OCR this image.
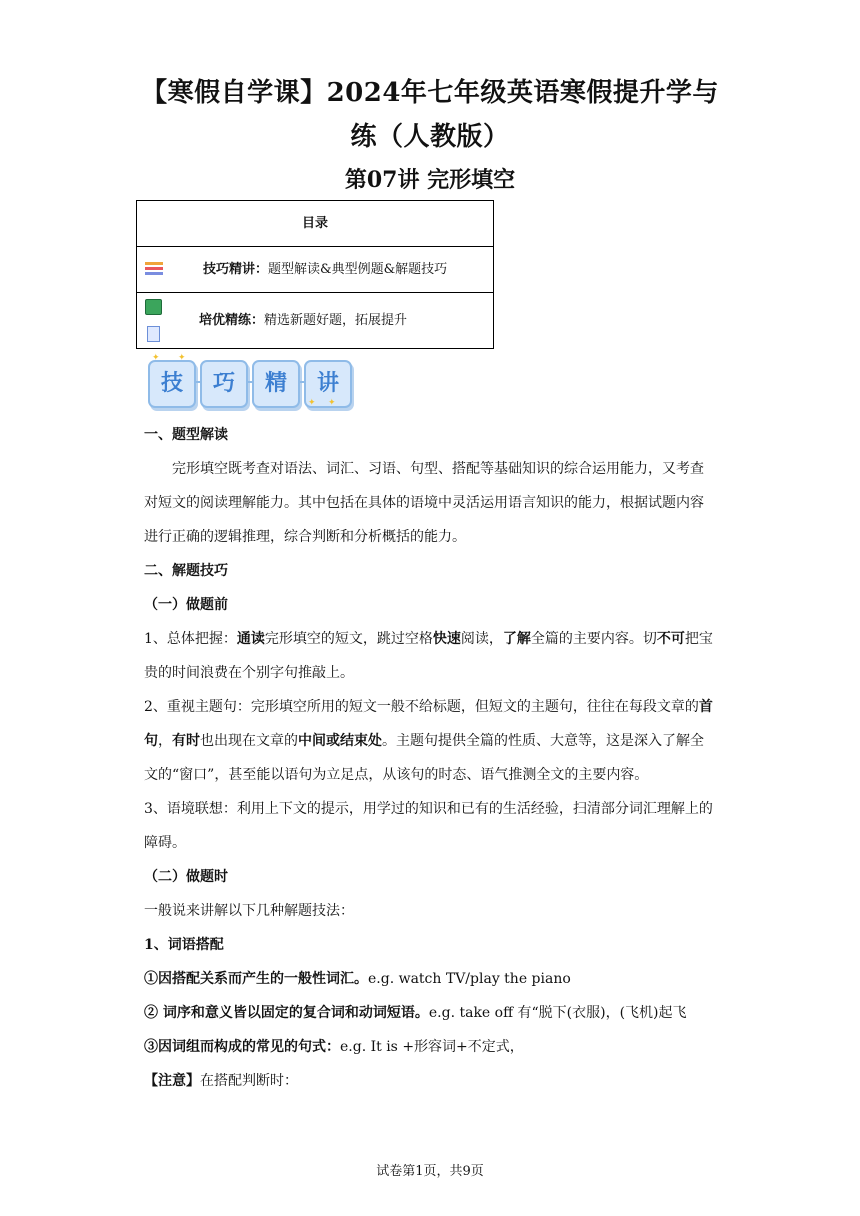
【寒假自学课】2024年七年级英语寒假提升学与
练（人教版）
第07讲 完形填空
目录
技巧精讲：题型解读&典型例题&解题技巧
培优精练：精选新题好题，拓展提升
技	巧	精	讲
✦ ✦
✦ ✦

一、题型解读

完形填空既考查对语法、词汇、习语、句型、搭配等基础知识的综合运用能力，又考查对短文的阅读理解能力。其中包括在具体的语境中灵活运用语言知识的能力，根据试题内容进行正确的逻辑推理，综合判断和分析概括的能力。

二、解题技巧

（一）做题前

1、总体把握：通读完形填空的短文，跳过空格快速阅读，了解全篇的主要内容。切不可把宝贵的时间浪费在个别字句推敲上。

2、重视主题句：完形填空所用的短文一般不给标题，但短文的主题句，往往在每段文章的首句，有时也出现在文章的中间或结束处。主题句提供全篇的性质、大意等，这是深入了解全文的“窗口”，甚至能以语句为立足点，从该句的时态、语气推测全文的主要内容。

3、语境联想：利用上下文的提示，用学过的知识和已有的生活经验，扫清部分词汇理解上的障碍。

（二）做题时

一般说来讲解以下几种解题技法：

1、词语搭配

①因搭配关系而产生的一般性词汇。e.g. watch TV/play the piano

② 词序和意义皆以固定的复合词和动词短语。e.g. take off 有“脱下(衣服)，(飞机)起飞

③因词组而构成的常见的句式：e.g. It is +形容词+不定式，

【注意】在搭配判断时：

试卷第1页，共9页
